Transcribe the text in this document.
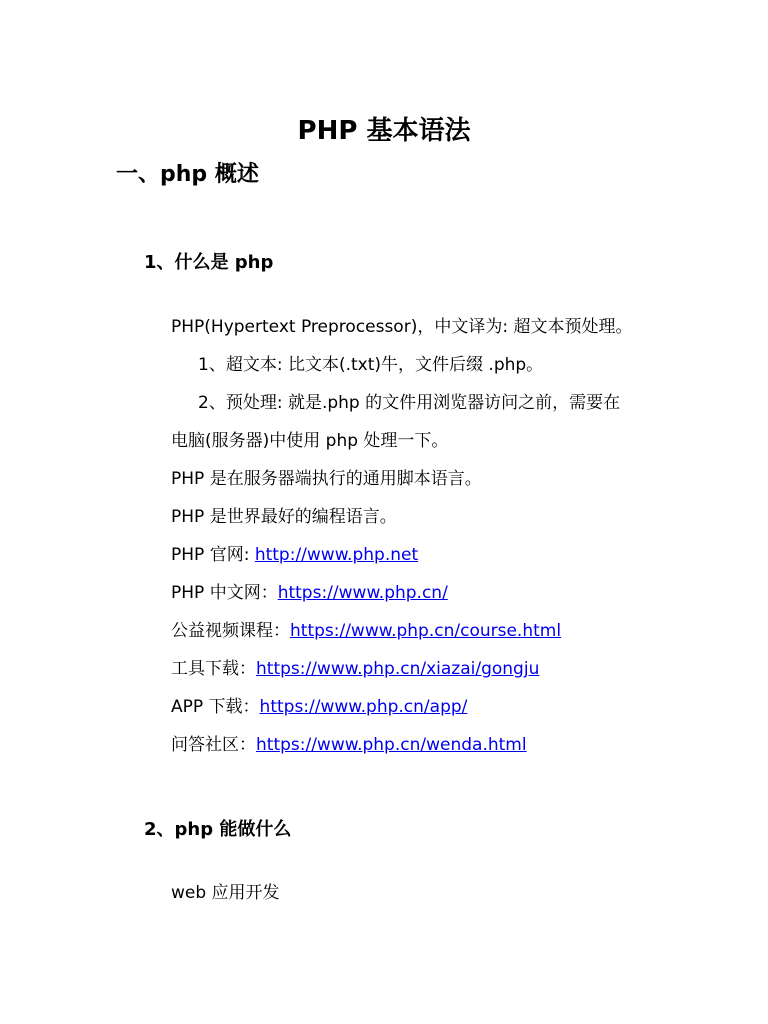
PHP 基本语法
一、php 概述
1、什么是 php
PHP(Hypertext Preprocessor)，中文译为: 超文本预处理。
1、超文本: 比文本(.txt)牛，文件后缀 .php。
2、预处理: 就是.php 的文件用浏览器访问之前，需要在
电脑(服务器)中使用 php 处理一下。
PHP 是在服务器端执行的通用脚本语言。
PHP 是世界最好的编程语言。
PHP 官网: http://www.php.net
PHP 中文网：https://www.php.cn/
公益视频课程：https://www.php.cn/course.html
工具下载：https://www.php.cn/xiazai/gongju
APP 下载：https://www.php.cn/app/
问答社区：https://www.php.cn/wenda.html
2、php 能做什么
web 应用开发
